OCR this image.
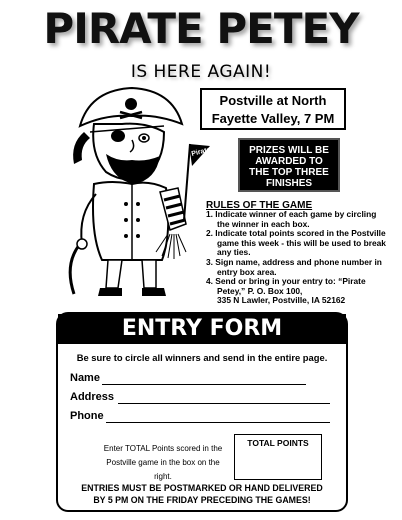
PIRATE PETEY
IS HERE AGAIN!
Pirates
Postville at North
Fayette Valley, 7 PM
PRIZES WILL BE
AWARDED TO
THE TOP THREE
FINISHES
RULES OF THE GAME
1. Indicate winner of each game by circling the winner in each box.
2. Indicate total points scored in the Postville game this week - this will be used to break any ties.
3. Sign name, address and phone number in entry box area.
4. Send or bring in your entry to: “Pirate Petey,” P. O. Box 100,
335 N Lawler, Postville, IA 52162
ENTRY FORM
Be sure to circle all winners and send in the entire page.
Name
Address
Phone
Enter TOTAL Points scored in the
Postville game in the box on the right.
TOTAL POINTS
ENTRIES MUST BE POSTMARKED OR HAND DELIVERED
BY 5 PM ON THE FRIDAY PRECEDING THE GAMES!
